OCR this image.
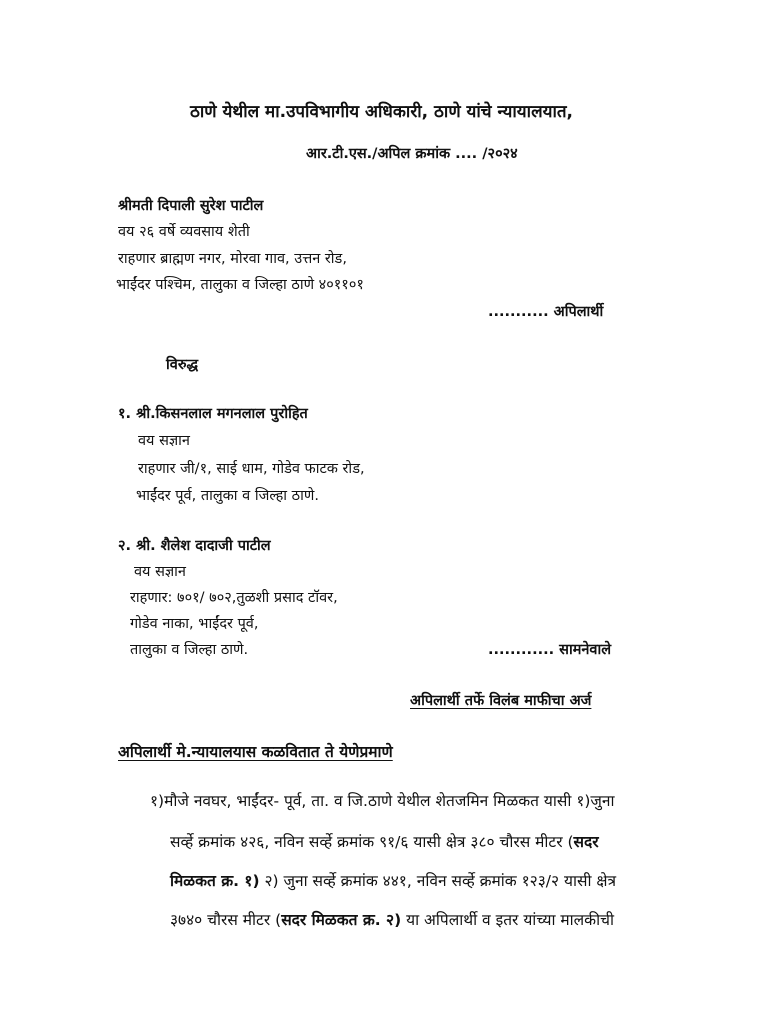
ठाणे येथील मा.उपविभागीय अधिकारी, ठाणे यांचे न्यायालयात,
आर.टी.एस./अपिल क्रमांक .... /२०२४
श्रीमती दिपाली सुरेश पाटील
वय २६ वर्षे व्यवसाय शेती
राहणार ब्राह्मण नगर, मोरवा गाव, उत्तन रोड,
भाईंदर पश्चिम, तालुका व जिल्हा ठाणे ४०११०१
........... अपिलार्थी
विरुद्ध
१. श्री.किसनलाल मगनलाल पुरोहित
वय सज्ञान
राहणार जी/१, साई धाम, गोडेव फाटक रोड,
भाईंदर पूर्व, तालुका व जिल्हा ठाणे.
२. श्री. शैलेश दादाजी पाटील
वय सज्ञान
राहणार: ७०१/ ७०२,तुळशी प्रसाद टॉवर,
गोडेव नाका, भाईंदर पूर्व,
तालुका व जिल्हा ठाणे.	............ सामनेवाले
अपिलार्थी तर्फे विलंब माफीचा अर्ज
अपिलार्थी मे.न्यायालयास कळवितात ते येणेप्रमाणे
१)मौजे नवघर, भाईंदर- पूर्व, ता. व जि.ठाणे येथील शेतजमिन मिळकत यासी १)जुना
सर्व्हे क्रमांक ४२६, नविन सर्व्हे क्रमांक ९१/६ यासी क्षेत्र ३८० चौरस मीटर (सदर
मिळकत क्र. १) २) जुना सर्व्हे क्रमांक ४४१, नविन सर्व्हे क्रमांक १२३/२ यासी क्षेत्र
३७४० चौरस मीटर (सदर मिळकत क्र. २) या अपिलार्थी व इतर यांच्या मालकीची
